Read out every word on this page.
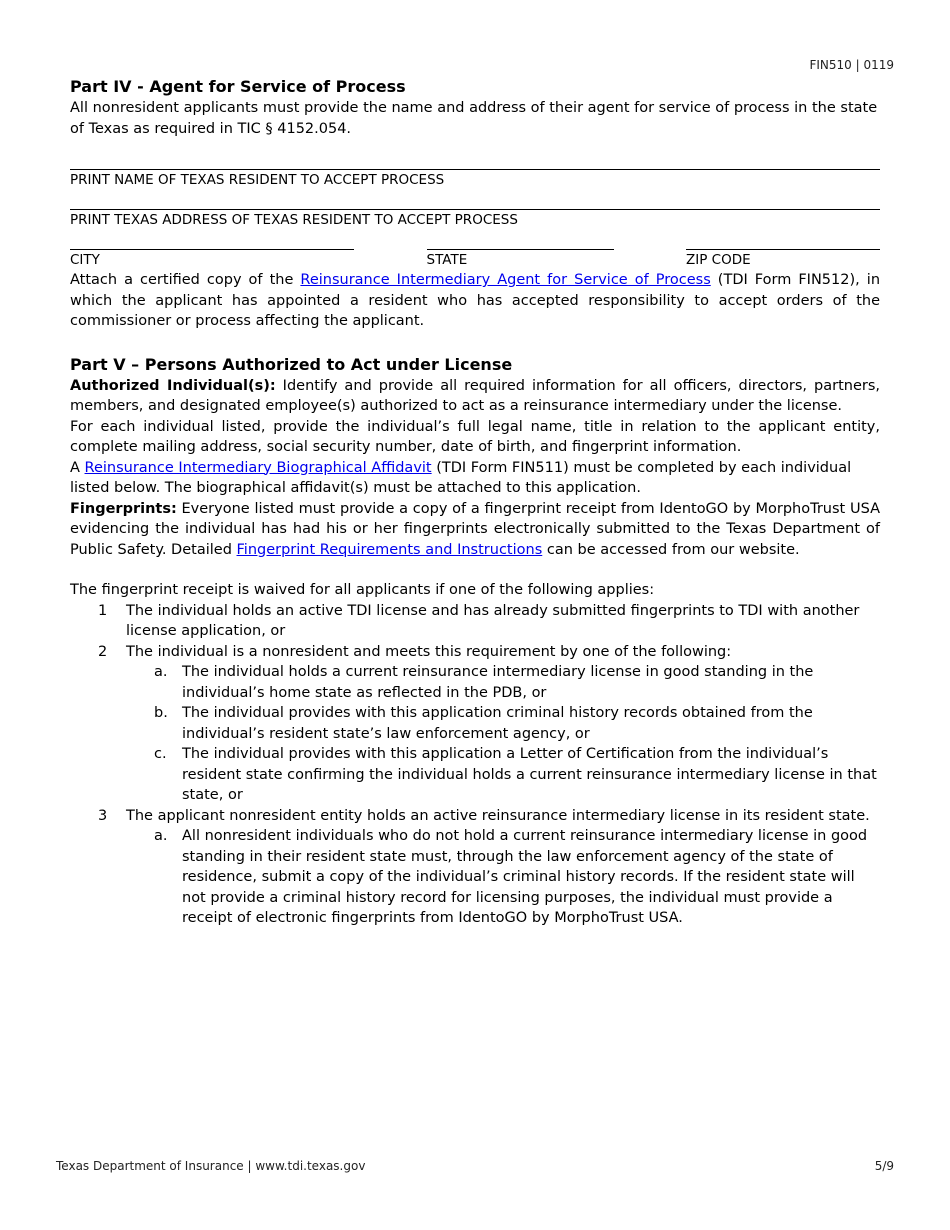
FIN510 | 0119
Part IV - Agent for Service of Process

All nonresident applicants must provide the name and address of their agent for service of process in the state of Texas as required in TIC § 4152.054.

PRINT NAME OF TEXAS RESIDENT TO ACCEPT PROCESS
PRINT TEXAS ADDRESS OF TEXAS RESIDENT TO ACCEPT PROCESS
CITY	STATE	ZIP CODE

Attach a certified copy of the Reinsurance Intermediary Agent for Service of Process (TDI Form FIN512), in which the applicant has appointed a resident who has accepted responsibility to accept orders of the commissioner or process affecting the applicant.

Part V – Persons Authorized to Act under License

Authorized Individual(s): Identify and provide all required information for all officers, directors, partners, members, and designated employee(s) authorized to act as a reinsurance intermediary under the license.

For each individual listed, provide the individual’s full legal name, title in relation to the applicant entity, complete mailing address, social security number, date of birth, and fingerprint information.

A Reinsurance Intermediary Biographical Affidavit (TDI Form FIN511) must be completed by each individual listed below. The biographical affidavit(s) must be attached to this application.

Fingerprints: Everyone listed must provide a copy of a fingerprint receipt from IdentoGO by MorphoTrust USA evidencing the individual has had his or her fingerprints electronically submitted to the Texas Department of Public Safety. Detailed Fingerprint Requirements and Instructions can be accessed from our website.

The fingerprint receipt is waived for all applicants if one of the following applies:

1	The individual holds an active TDI license and has already submitted fingerprints to TDI with another license application, or
2	The individual is a nonresident and meets this requirement by one of the following:
a.	The individual holds a current reinsurance intermediary license in good standing in the individual’s home state as reflected in the PDB, or
b. The individual provides with this application criminal history records obtained from the individual’s resident state’s law enforcement agency, or
c.	The individual provides with this application a Letter of Certification from the individual’s resident state confirming the individual holds a current reinsurance intermediary license in that state, or
3	The applicant nonresident entity holds an active reinsurance intermediary license in its resident state.
a.	All nonresident individuals who do not hold a current reinsurance intermediary license in good standing in their resident state must, through the law enforcement agency of the state of residence, submit a copy of the individual’s criminal history records. If the resident state will not provide a criminal history record for licensing purposes, the individual must provide a receipt of electronic fingerprints from IdentoGO by MorphoTrust USA.
Texas Department of Insurance | www.tdi.texas.gov	5/9
